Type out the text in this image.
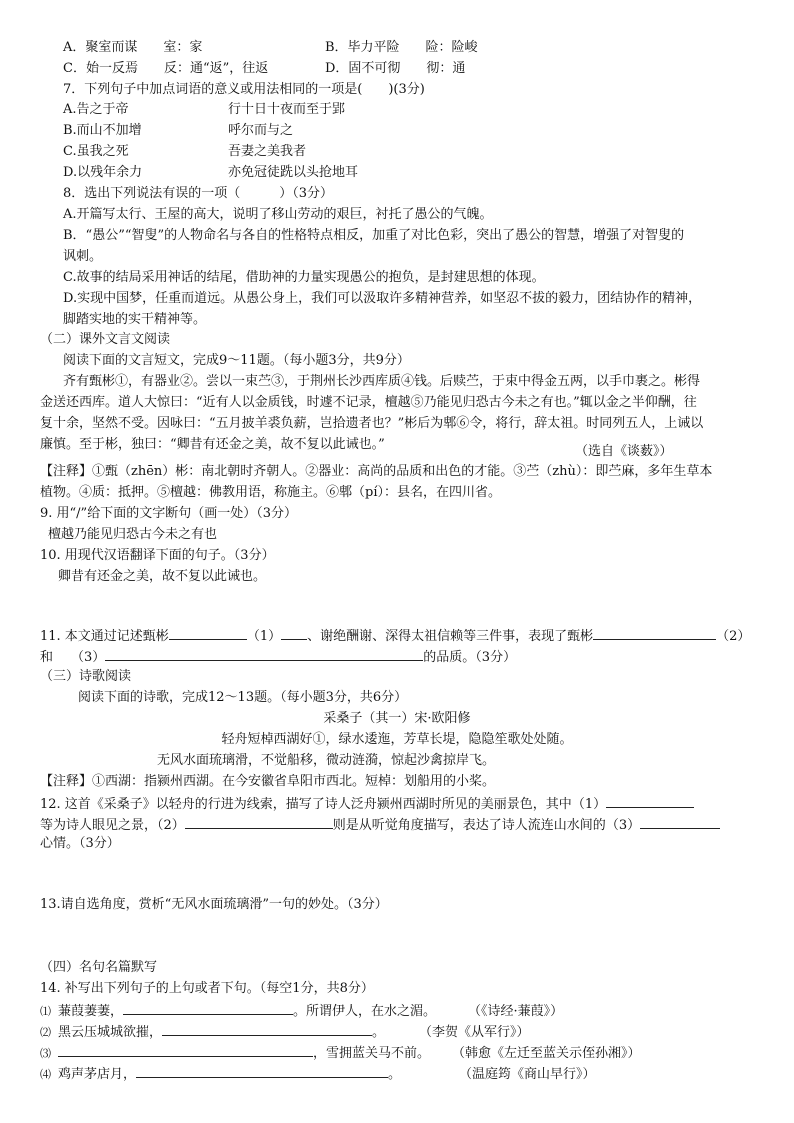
A．聚室而谋　　室：家	B．毕力平险　　险：险峻
C．始一反焉　　反：通“返”，往返	D．固不可彻　　彻：通
7．下列句子中加点词语的意义或用法相同的一项是(　　)(3分)
A.告之于帝	行十日十夜而至于郢
B.而山不加增	呼尔而与之
C.虽我之死	吾妻之美我者
D.以残年余力	亦免冠徒跣以头抢地耳
8．选出下列说法有误的一项（　　　）（3分）
A.开篇写太行、王屋的高大，说明了移山劳动的艰巨，衬托了愚公的气魄。
B．“愚公”“智叟”的人物命名与各自的性格特点相反，加重了对比色彩，突出了愚公的智慧，增强了对智叟的
讽刺。
C.故事的结局采用神话的结尾，借助神的力量实现愚公的抱负，是封建思想的体现。
D.实现中国梦，任重而道远。从愚公身上，我们可以汲取许多精神营养，如坚忍不拔的毅力，团结协作的精神，
脚踏实地的实干精神等。
（二）课外文言文阅读
阅读下面的文言短文，完成9～11题。（每小题3分，共9分）
齐有甄彬①，有器业②。尝以一束苎③，于荆州长沙西库质④钱。后赎苎，于束中得金五两，以手巾裹之。彬得
金送还西库。道人大惊曰：“近有人以金质钱，时遽不记录，檀越⑤乃能见归恐古今未之有也。”辄以金之半仰酬，往
复十余，坚然不受。因咏曰：“五月披羊裘负薪，岂拾遗者也？”彬后为郫⑥令，将行，辞太祖。时同列五人，上诫以
廉慎。至于彬，独曰：“卿昔有还金之美，故不复以此诫也。”	（选自《谈薮》）
【注释】①甄（zhēn）彬：南北朝时齐朝人。②器业：高尚的品质和出色的才能。③苎（zhù）：即苎麻，多年生草本
植物。④质：抵押。⑤檀越：佛教用语，称施主。⑥郫（pí）：县名，在四川省。
9. 用“/”给下面的文字断句（画一处）（3分）
檀越乃能见归恐古今未之有也
10. 用现代汉语翻译下面的句子。（3分）
卿昔有还金之美，故不复以此诫也。
11. 本文通过记述甄彬	（1） 、谢绝酬谢、深得太祖信赖等三件事，表现了甄彬	（2）
和 （3）	的品质。（3分）
（三）诗歌阅读
阅读下面的诗歌，完成12～13题。（每小题3分，共6分）
采桑子（其一）宋·欧阳修
轻舟短棹西湖好①，绿水逶迤，芳草长堤，隐隐笙歌处处随。
无风水面琉璃滑，不觉船移，微动涟漪，惊起沙禽掠岸飞。
【注释】①西湖：指颍州西湖。在今安徽省阜阳市西北。短棹：划船用的小桨。
12. 这首《采桑子》以轻舟的行进为线索，描写了诗人泛舟颍州西湖时所见的美丽景色，其中（1）
等为诗人眼见之景，（2）	则是从听觉角度描写，表达了诗人流连山水间的（3）
心情。（3分）
13.请自选角度，赏析“无风水面琉璃滑”一句的妙处。（3分）
（四）名句名篇默写
14. 补写出下列句子的上句或者下句。（每空1分，共8分）
⑴ 蒹葭萋萋，	。所谓伊人，在水之湄。 （《诗经·蒹葭》）
⑵ 黑云压城城欲摧，	。	（李贺《从军行》）
⑶	，雪拥蓝关马不前。 （韩愈《左迁至蓝关示侄孙湘》）
⑷ 鸡声茅店月，	。	（温庭筠《商山早行》）
